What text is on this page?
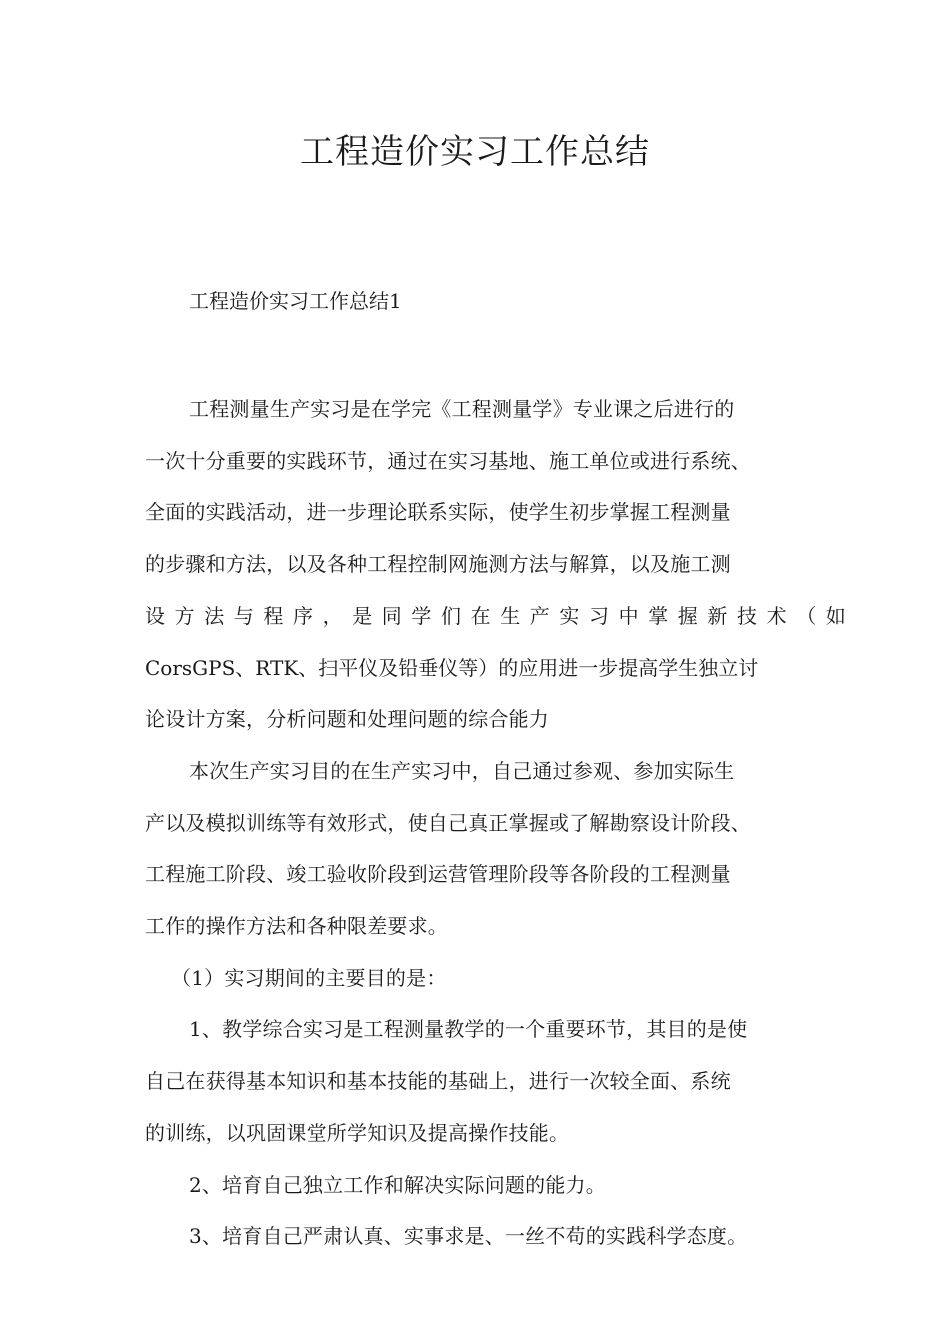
工程造价实习工作总结

工程造价实习工作总结1

工程测量生产实习是在学完《工程测量学》专业课之后进行的
一次十分重要的实践环节，通过在实习基地、施工单位或进行系统、
全面的实践活动，进一步理论联系实际，使学生初步掌握工程测量
的步骤和方法，以及各种工程控制网施测方法与解算，以及施工测
设方法与程序，是同学们在生产实习中掌握新技术（如
CorsGPS、RTK、扫平仪及铅垂仪等）的应用进一步提高学生独立讨
论设计方案，分析问题和处理问题的综合能力
本次生产实习目的在生产实习中，自己通过参观、参加实际生
产以及模拟训练等有效形式，使自己真正掌握或了解勘察设计阶段、
工程施工阶段、竣工验收阶段到运营管理阶段等各阶段的工程测量
工作的操作方法和各种限差要求。
（1）实习期间的主要目的是：
1、教学综合实习是工程测量教学的一个重要环节，其目的是使
自己在获得基本知识和基本技能的基础上，进行一次较全面、系统
的训练，以巩固课堂所学知识及提高操作技能。
2、培育自己独立工作和解决实际问题的能力。
3、培育自己严肃认真、实事求是、一丝不苟的实践科学态度。
